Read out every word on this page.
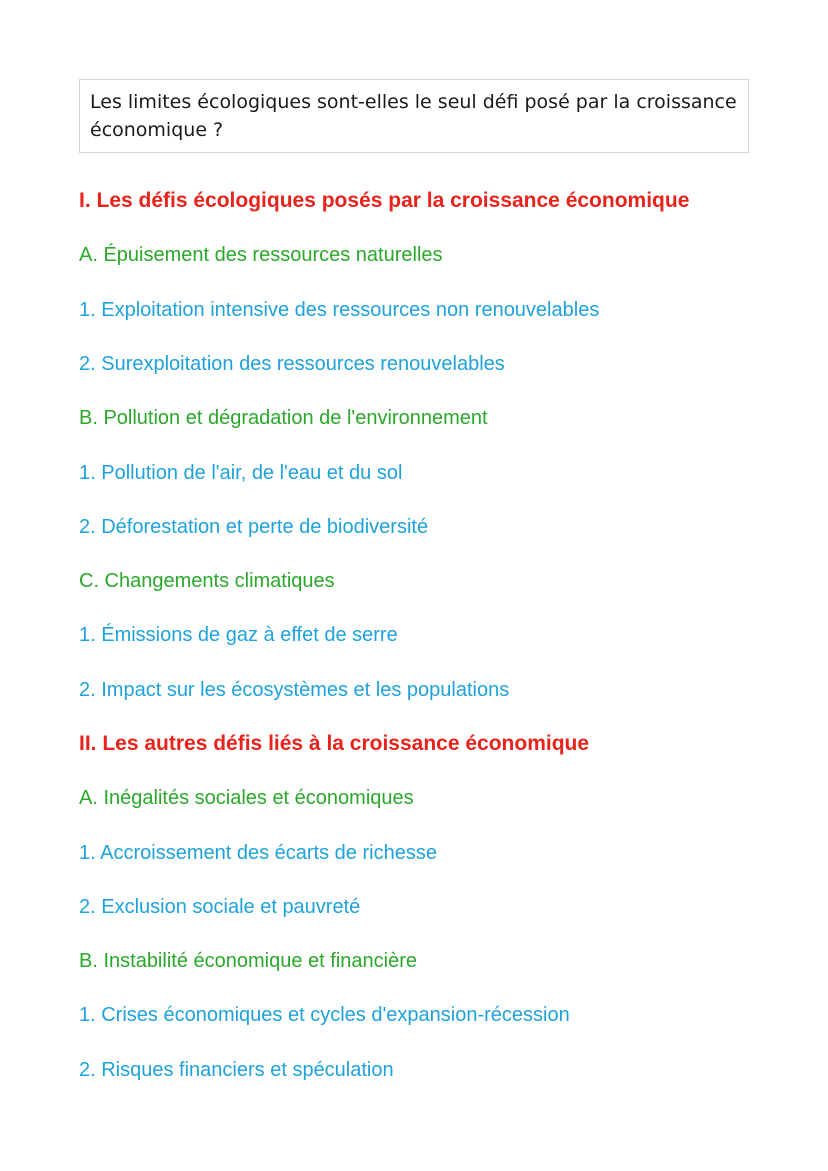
Les limites écologiques sont-elles le seul défi posé par la croissance économique ?
I. Les défis écologiques posés par la croissance économique
A. Épuisement des ressources naturelles
1. Exploitation intensive des ressources non renouvelables
2. Surexploitation des ressources renouvelables
B. Pollution et dégradation de l'environnement
1. Pollution de l'air, de l'eau et du sol
2. Déforestation et perte de biodiversité
C. Changements climatiques
1. Émissions de gaz à effet de serre
2. Impact sur les écosystèmes et les populations
II. Les autres défis liés à la croissance économique
A. Inégalités sociales et économiques
1. Accroissement des écarts de richesse
2. Exclusion sociale et pauvreté
B. Instabilité économique et financière
1. Crises économiques et cycles d'expansion-récession
2. Risques financiers et spéculation
